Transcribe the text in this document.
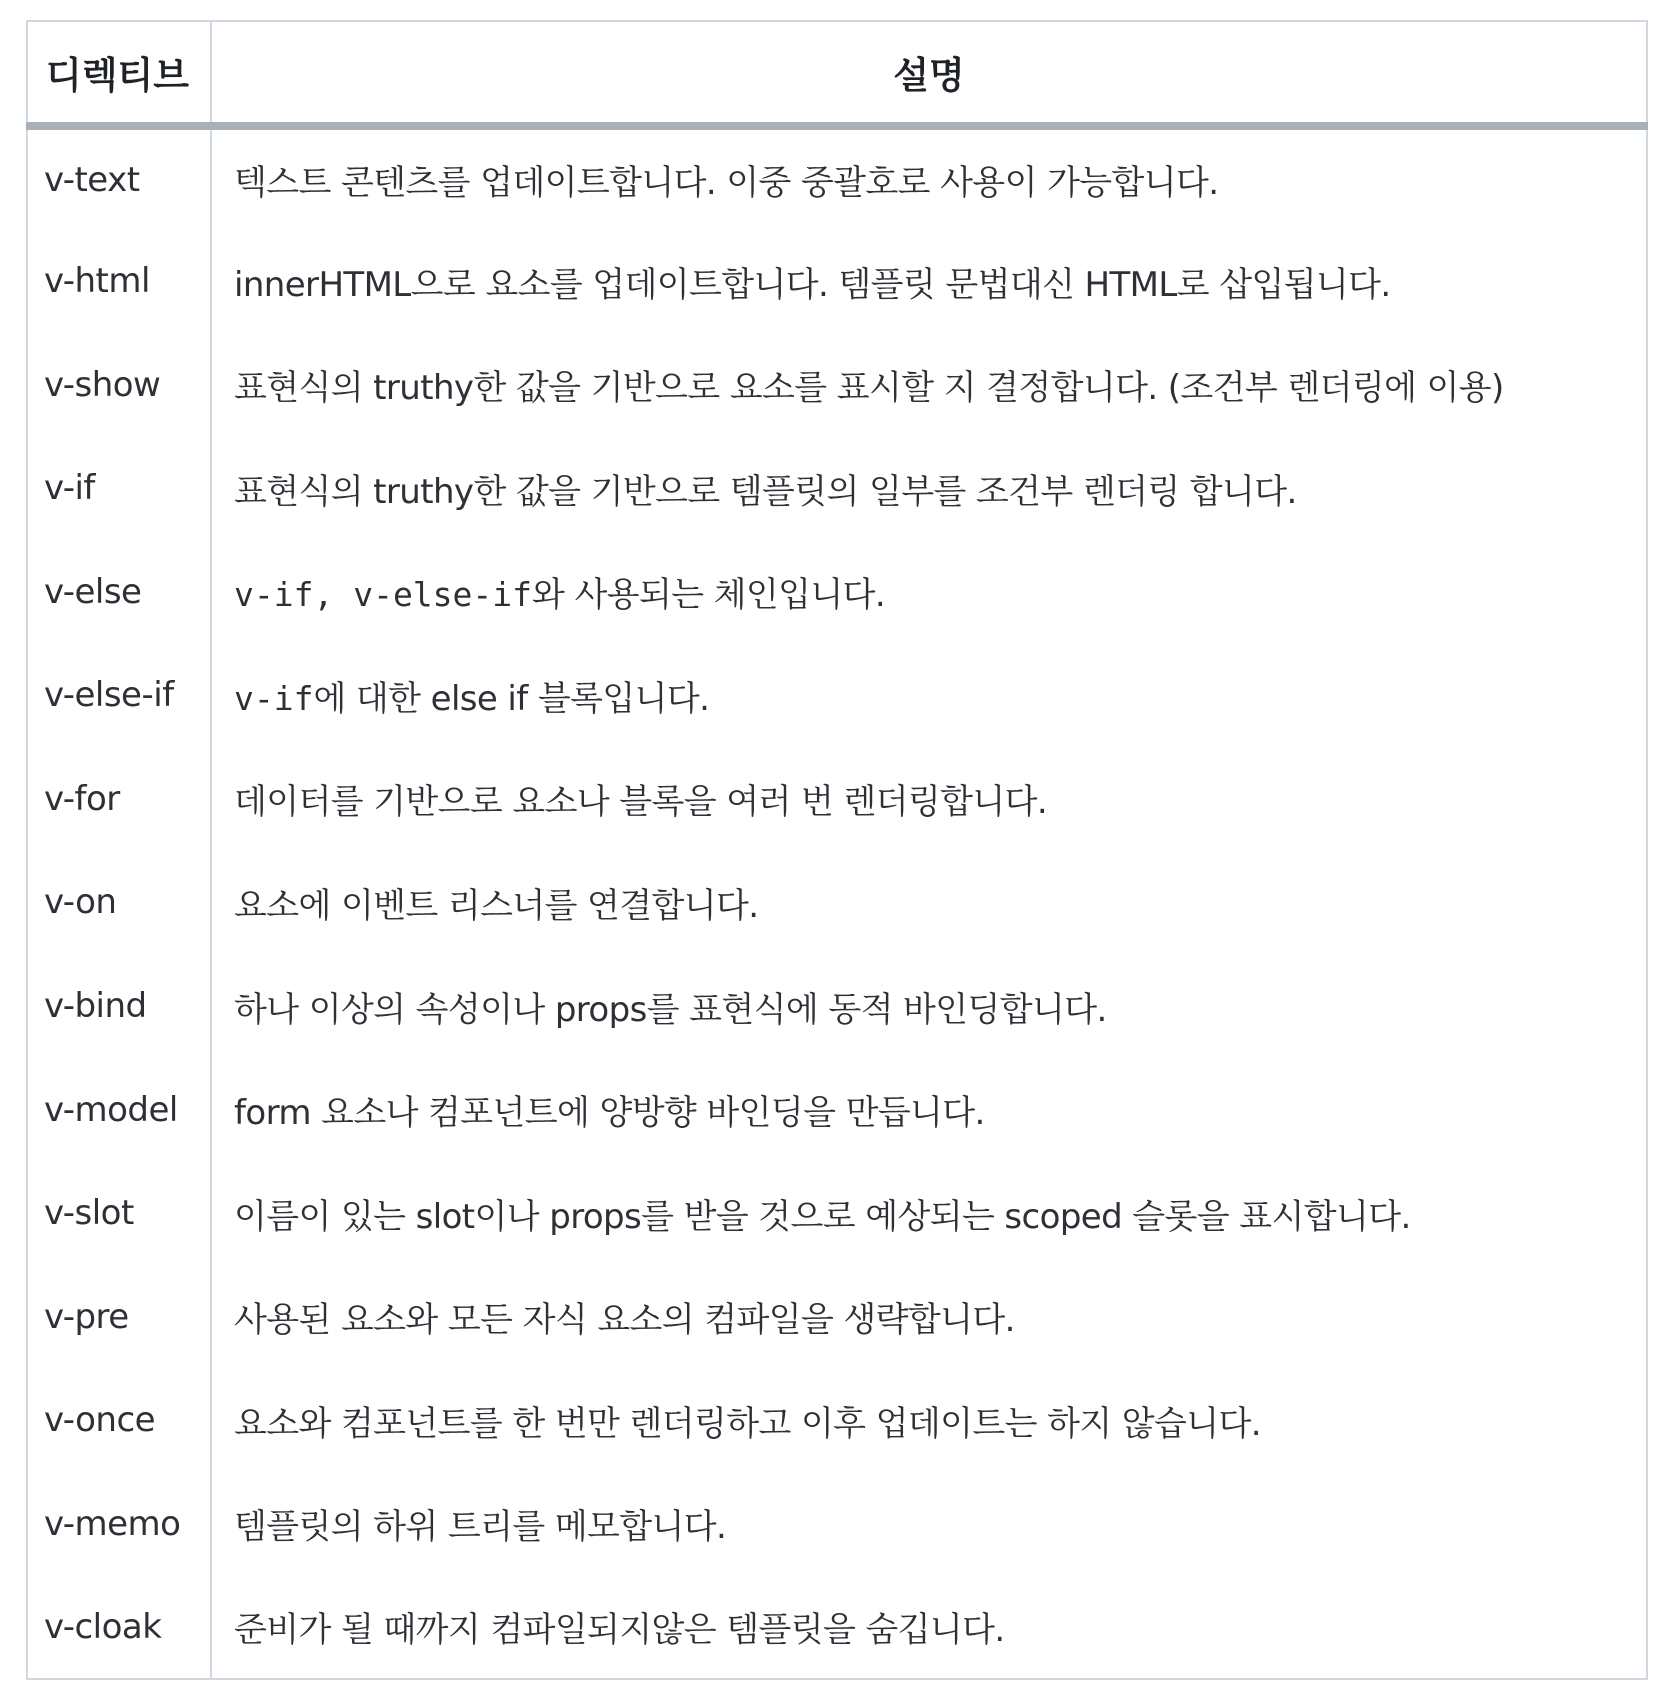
디렉티브	설명
v-text	텍스트 콘텐츠를 업데이트합니다. 이중 중괄호로 사용이 가능합니다.
v-html	innerHTML으로 요소를 업데이트합니다. 템플릿 문법대신 HTML로 삽입됩니다.
v-show	표현식의 truthy한 값을 기반으로 요소를 표시할 지 결정합니다. (조건부 렌더링에 이용)
v-if	표현식의 truthy한 값을 기반으로 템플릿의 일부를 조건부 렌더링 합니다.
v-else	v-if, v-else-if와 사용되는 체인입니다.
v-else-if	v-if에 대한 else if 블록입니다.
v-for	데이터를 기반으로 요소나 블록을 여러 번 렌더링합니다.
v-on	요소에 이벤트 리스너를 연결합니다.
v-bind	하나 이상의 속성이나 props를 표현식에 동적 바인딩합니다.
v-model	form 요소나 컴포넌트에 양방향 바인딩을 만듭니다.
v-slot	이름이 있는 slot이나 props를 받을 것으로 예상되는 scoped 슬롯을 표시합니다.
v-pre	사용된 요소와 모든 자식 요소의 컴파일을 생략합니다.
v-once	요소와 컴포넌트를 한 번만 렌더링하고 이후 업데이트는 하지 않습니다.
v-memo	템플릿의 하위 트리를 메모합니다.
v-cloak	준비가 될 때까지 컴파일되지않은 템플릿을 숨깁니다.
